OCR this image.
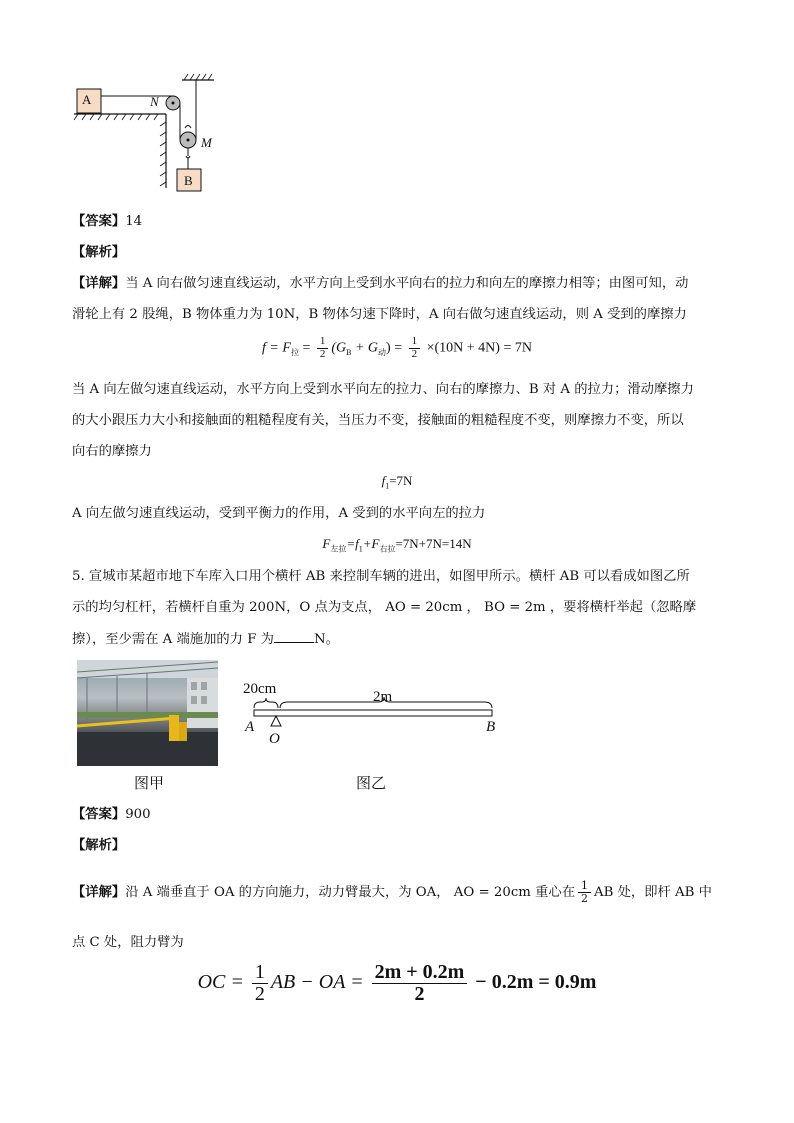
A	N
M
B
【答案】14
【解析】
【详解】当 A 向右做匀速直线运动，水平方向上受到水平向右的拉力和向左的摩擦力相等；由图可知，动
滑轮上有 2 股绳，B 物体重力为 10N，B 物体匀速下降时，A 向右做匀速直线运动，则 A 受到的摩擦力
$f = F_拉 = \frac{1}{2} (G_B + G_动) = \frac{1}{2} \times(10N + 4N) = 7N$
当 A 向左做匀速直线运动，水平方向上受到水平向左的拉力、向右的摩擦力、B 对 A 的拉力；滑动摩擦力
的大小跟压力大小和接触面的粗糙程度有关，当压力不变，接触面的粗糙程度不变，则摩擦力不变，所以
向右的摩擦力
$f_1=7N$
A 向左做匀速直线运动，受到平衡力的作用，A 受到的水平向左的拉力
$F_{左拉}=f_1+F_{右拉}=7N+7N=14N$
5. 宣城市某超市地下车库入口用个横杆 AB 来控制车辆的进出，如图甲所示。横杆 AB 可以看成如图乙所
示的均匀杠杆，若横杆自重为 200N，O 点为支点， AO = 20cm ， BO = 2m ，要将横杆举起（忽略摩
擦），至少需在 A 端施加的力 F 为	N。
图甲
20cm	2m
A
O
B
图乙
【答案】900
【解析】
【详解】沿 A 端垂直于 OA 的方向施力，动力臂最大，为 OA， AO = 20cm 重心在 $\frac{1}{2}$ AB 处，即杆 AB 中
点 C 处，阻力臂为
OC = $\frac{1}{2}$ AB − OA = $\frac{2m + 0.2m}{2} - 0.2m = 0.9m$
